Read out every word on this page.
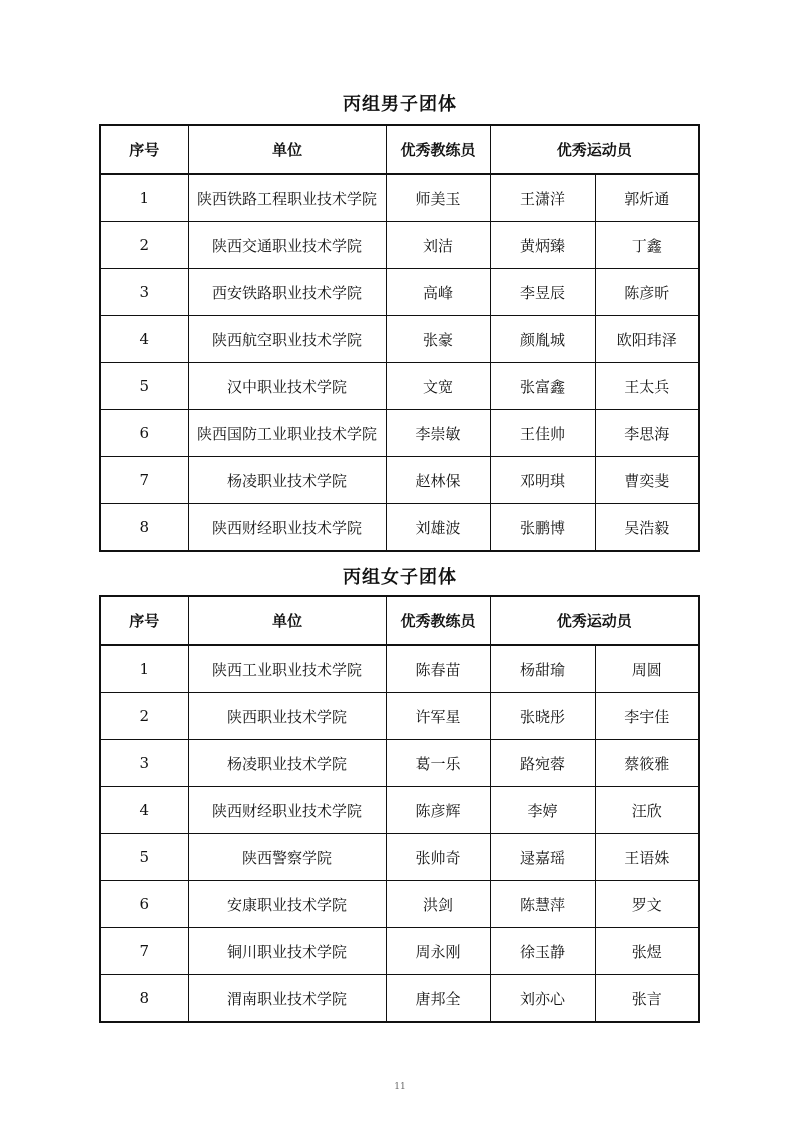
丙组男子团体
序号	单位	优秀教练员	优秀运动员	
1	陕西铁路工程职业技术学院	师美玉	王潇洋	郭炘通
2	陕西交通职业技术学院	刘洁	黄炳臻	丁鑫
3	西安铁路职业技术学院	高峰	李昱辰	陈彦昕
4	陕西航空职业技术学院	张豪	颜胤城	欧阳玮泽
5	汉中职业技术学院	文宽	张富鑫	王太兵
6	陕西国防工业职业技术学院	李崇敏	王佳帅	李思海
7	杨凌职业技术学院	赵林保	邓明琪	曹奕斐
8	陕西财经职业技术学院	刘雄波	张鹏博	吴浩毅
丙组女子团体
序号	单位	优秀教练员	优秀运动员	
1	陕西工业职业技术学院	陈春苗	杨甜瑜	周圆
2	陕西职业技术学院	许军星	张晓彤	李宇佳
3	杨凌职业技术学院	葛一乐	路宛蓉	蔡筱雅
4	陕西财经职业技术学院	陈彦辉	李婷	汪欣
5	陕西警察学院	张帅奇	逯嘉瑶	王语姝
6	安康职业技术学院	洪剑	陈慧萍	罗文
7	铜川职业技术学院	周永刚	徐玉静	张煜
8	渭南职业技术学院	唐邦全	刘亦心	张言
11
